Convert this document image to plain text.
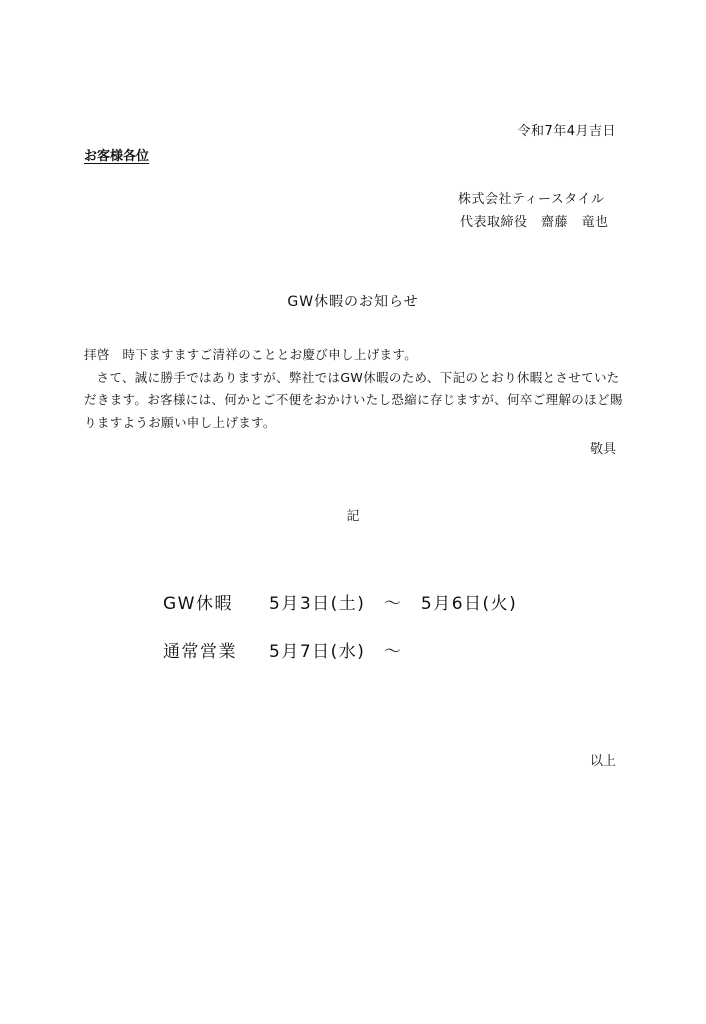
令和7年4月吉日
お客様各位
株式会社ティースタイル
代表取締役　齋藤　竜也
GW休暇のお知らせ

拝啓　時下ますますご清祥のこととお慶び申し上げます。

さて、誠に勝手ではありますが、弊社ではGW休暇のため、下記のとおり休暇とさせていただきます。お客様には、何かとご不便をおかけいたし恐縮に存じますが、何卒ご理解のほど賜りますようお願い申し上げます。

敬具
記
GW休暇	5月3日(土)　～　5月6日(火)
通常営業	5月7日(水)　～
以上
